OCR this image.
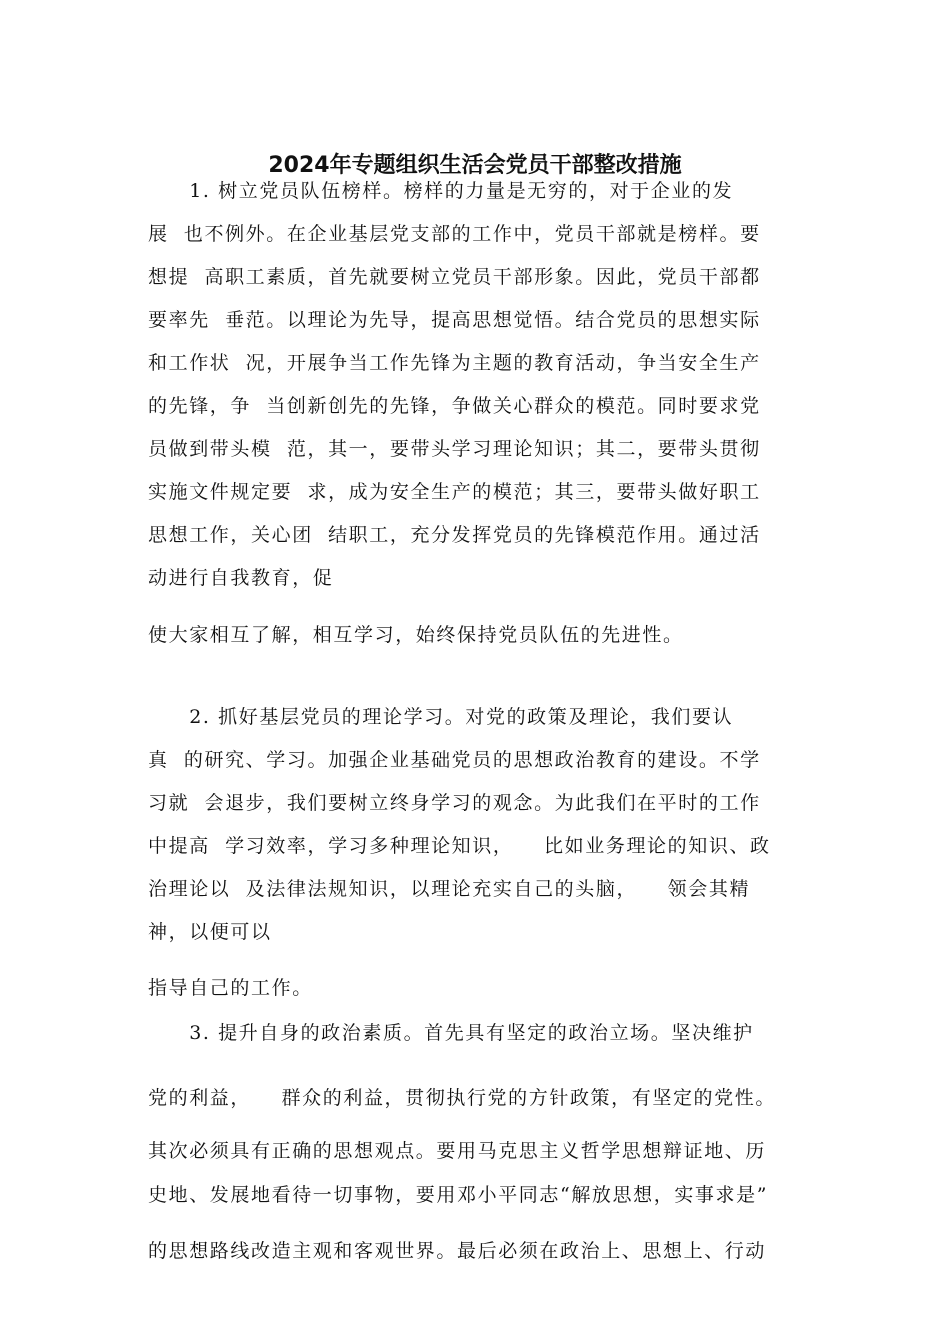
2024年专题组织生活会党员干部整改措施
　　1. 树立党员队伍榜样。榜样的力量是无穷的，对于企业的发
展  也不例外。在企业基层党支部的工作中，党员干部就是榜样。要
想提  高职工素质，首先就要树立党员干部形象。因此，党员干部都
要率先  垂范。以理论为先导，提高思想觉悟。结合党员的思想实际
和工作状  况，开展争当工作先锋为主题的教育活动，争当安全生产
的先锋，争  当创新创先的先锋，争做关心群众的模范。同时要求党
员做到带头模  范，其一，要带头学习理论知识；其二，要带头贯彻
实施文件规定要  求，成为安全生产的模范；其三，要带头做好职工
思想工作，关心团  结职工，充分发挥党员的先锋模范作用。通过活
动进行自我教育，促
使大家相互了解，相互学习，始终保持党员队伍的先进性。
　　2. 抓好基层党员的理论学习。对党的政策及理论，我们要认
真  的研究、学习。加强企业基础党员的思想政治教育的建设。不学
习就  会退步，我们要树立终身学习的观念。为此我们在平时的工作
中提高  学习效率，学习多种理论知识，    比如业务理论的知识、政
治理论以  及法律法规知识，以理论充实自己的头脑，    领会其精
神，以便可以
指导自己的工作。
　　3. 提升自身的政治素质。首先具有坚定的政治立场。坚决维护
党的利益，    群众的利益，贯彻执行党的方针政策，有坚定的党性。
其次必须具有正确的思想观点。要用马克思主义哲学思想辩证地、历
史地、发展地看待一切事物，要用邓小平同志“解放思想，实事求是”
的思想路线改造主观和客观世界。最后必须在政治上、思想上、行动
